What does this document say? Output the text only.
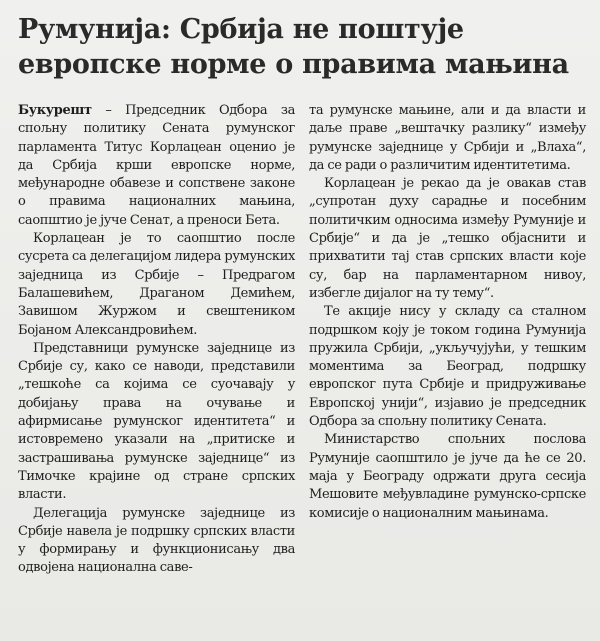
Румунија: Србија не поштује
европске норме о правима мањина

Букурешт – Председник Одбора за спољну политику Сената румунског парламента Титус Корлацеан оценио је да Србија крши европске норме, међународне обавезе и сопствене законе о правима националних мањина, саопштио је јуче Сенат, а преноси Бета.

Корлацеан је то саопштио после сусрета са делегацијом лидера румунских заједница из Србије – Предрагом Балашевићем, Драганом Демићем, Завишом Журжом и свештеником Бојаном Александровићем.

Представници румунске заједнице из Србије су, како се наводи, представили „тешкоће са којима се суочавају у добијању права на очување и афирмисање румунског идентитета“ и истовремено указали на „притиске и застрашивања румунске заједнице“ из Тимочке крајине од стране српских власти.

Делегација румунске заједнице из Србије навела је подршку српских власти у формирању и функционисању два одвојена национална саве-

та румунске мањине, али и да власти и даље праве „вештачку разлику“ између румунске заједнице у Србији и „Влаха“, да се ради о различитим идентитетима.

Корлацеан је рекао да је овакав став „супротан духу сарадње и посебним политичким односима између Румуније и Србије“ и да је „тешко објаснити и прихватити тај став српских власти које су, бар на парламентарном нивоу, избегле дијалог на ту тему“.

Те акције нису у складу са сталном подршком коју је током година Румунија пружила Србији, „укључујући, у тешким моментима за Београд, подршку европског пута Србије и придруживање Европској унији“, изјавио је председник Одбора за спољну политику Сената.

Министарство спољних послова Румуније саопштило је јуче да ће се 20. маја у Београду одржати друга сесија Мешовите међувладине румунско-српске комисије о националним мањинама.
